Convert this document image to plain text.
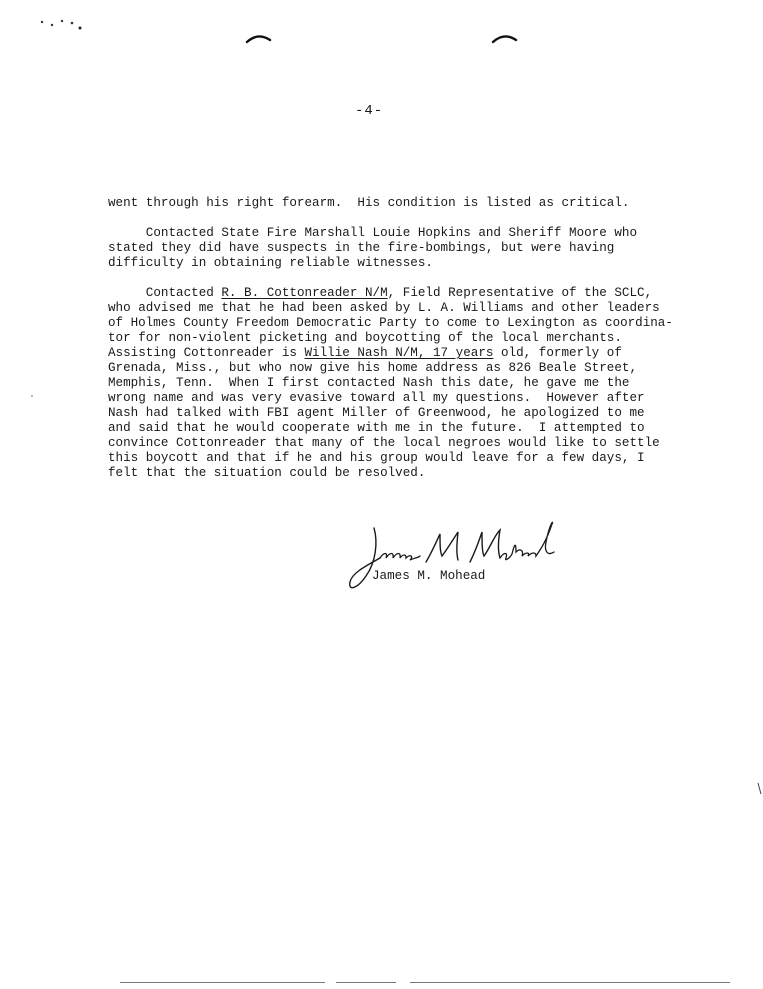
-4-
went through his right forearm.  His condition is listed as critical.
Contacted State Fire Marshall Louie Hopkins and Sheriff Moore who
stated they did have suspects in the fire-bombings, but were having
difficulty in obtaining reliable witnesses.
Contacted R. B. Cottonreader N/M, Field Representative of the SCLC,
who advised me that he had been asked by L. A. Williams and other leaders
of Holmes County Freedom Democratic Party to come to Lexington as coordina-
tor for non-violent picketing and boycotting of the local merchants.
Assisting Cottonreader is Willie Nash N/M, 17 years old, formerly of
Grenada, Miss., but who now give his home address as 826 Beale Street,
Memphis, Tenn.  When I first contacted Nash this date, he gave me the
wrong name and was very evasive toward all my questions.  However after
Nash had talked with FBI agent Miller of Greenwood, he apologized to me
and said that he would cooperate with me in the future.  I attempted to
convince Cottonreader that many of the local negroes would like to settle
this boycott and that if he and his group would leave for a few days, I
felt that the situation could be resolved.
James M. Mohead
